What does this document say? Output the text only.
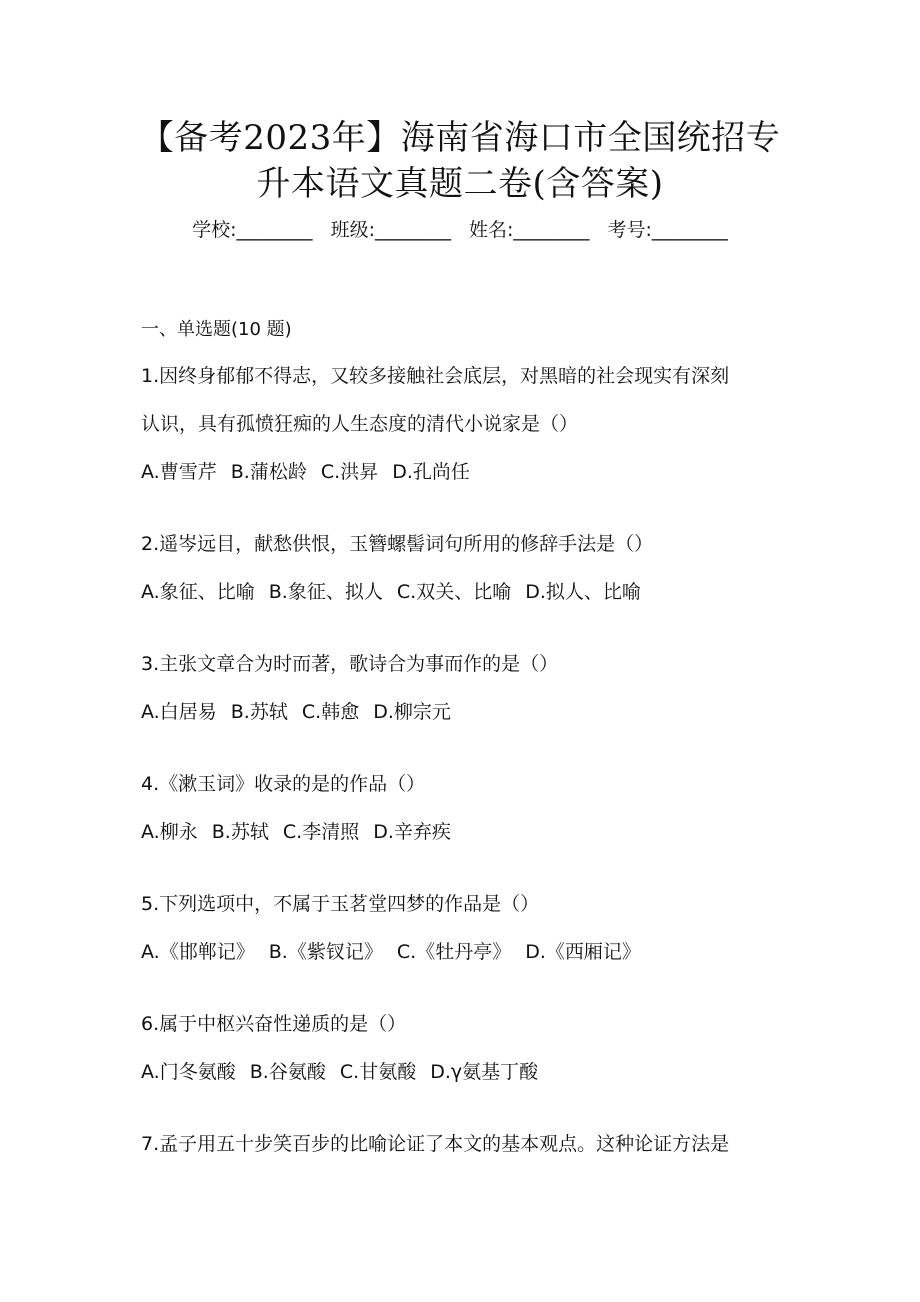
【备考2023年】海南省海口市全国统招专
升本语文真题二卷(含答案)
学校:________ 班级:________ 姓名:________ 考号:________
一、单选题(10 题)
1.因终身郁郁不得志，又较多接触社会底层，对黑暗的社会现实有深刻
认识，具有孤愤狂痴的人生态度的清代小说家是（）
A.曹雪芹 B.蒲松龄 C.洪昇 D.孔尚任
2.遥岑远目，献愁供恨，玉簪螺髻词句所用的修辞手法是（）
A.象征、比喻 B.象征、拟人 C.双关、比喻 D.拟人、比喻
3.主张文章合为时而著，歌诗合为事而作的是（）
A.白居易 B.苏轼 C.韩愈 D.柳宗元
4.《漱玉词》收录的是的作品（）
A.柳永 B.苏轼 C.李清照 D.辛弃疾
5.下列选项中，不属于玉茗堂四梦的作品是（）
A.《邯郸记》 B.《紫钗记》 C.《牡丹亭》 D.《西厢记》
6.属于中枢兴奋性递质的是（）
A.门冬氨酸 B.谷氨酸 C.甘氨酸 D.γ氨基丁酸
7.孟子用五十步笑百步的比喻论证了本文的基本观点。这种论证方法是
